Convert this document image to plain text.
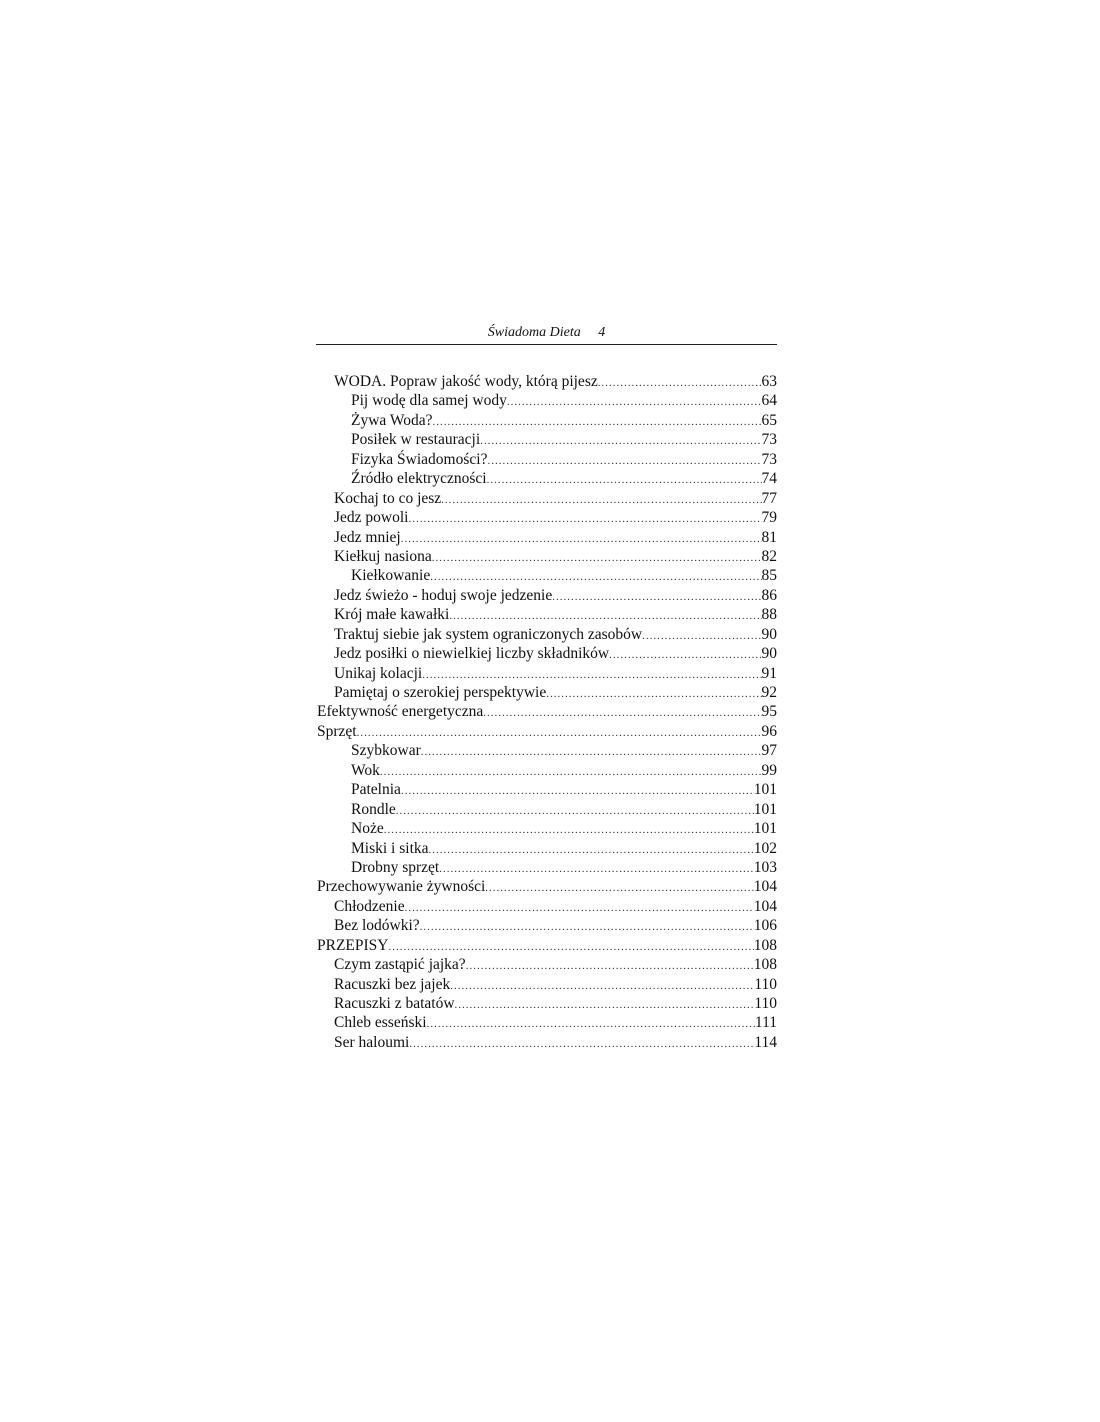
Świadoma Dieta 4
WODA. Popraw jakość wody, którą pijesz .....	63
Pij wodę dla samej wody .....	64
Żywa Woda? .....	65
Posiłek w restauracji .....	73
Fizyka Świadomości? .....	73
Źródło elektryczności .....	74
Kochaj to co jesz .....	77
Jedz powoli .....	79
Jedz mniej .....	81
Kiełkuj nasiona .....	82
Kiełkowanie .....	85
Jedz świeżo - hoduj swoje jedzenie .....	86
Krój małe kawałki .....	88
Traktuj siebie jak system ograniczonych zasobów .....	90
Jedz posiłki o niewielkiej liczby składników .....	90
Unikaj kolacji .....	91
Pamiętaj o szerokiej perspektywie .....	92
Efektywność energetyczna .....	95
Sprzęt .....	96
Szybkowar .....	97
Wok .....	99
Patelnia .....	101
Rondle .....	101
Noże .....	101
Miski i sitka .....	102
Drobny sprzęt .....	103
Przechowywanie żywności .....	104
Chłodzenie .....	104
Bez lodówki? .....	106
PRZEPISY .....	108
Czym zastąpić jajka? .....	108
Racuszki bez jajek .....	110
Racuszki z batatów .....	110
Chleb esseński .....	111
Ser haloumi .....	114
